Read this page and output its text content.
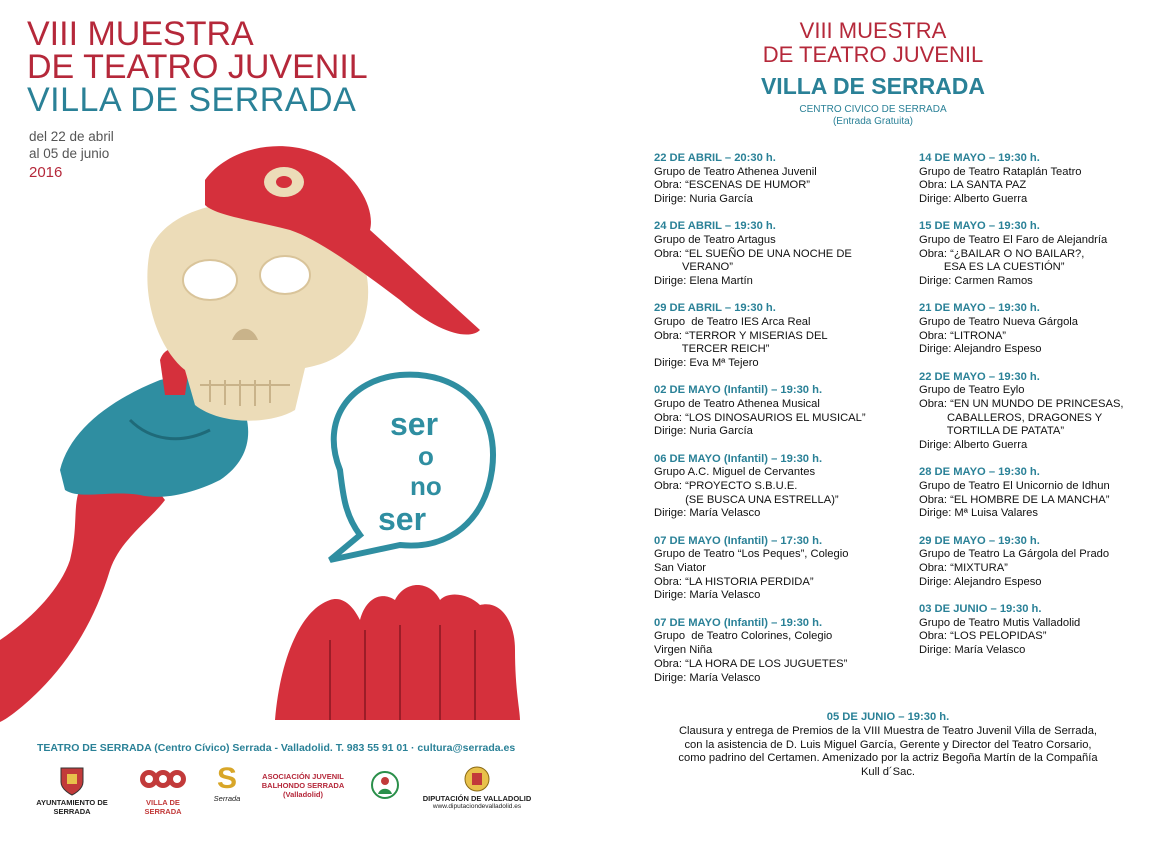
VIII MUESTRA
DE TEATRO JUVENIL
VILLA DE SERRADA
del 22 de abril
al 05 de junio
2016
ser
o
no
ser
TEATRO DE SERRADA (Centro Cívico) Serrada - Valladolid. T. 983 55 91 01 · cultura@serrada.es
AYUNTAMIENTO DE SERRADA
VILLA DE SERRADA
S
Serrada
ASOCIACIÓN JUVENIL BALHONDO SERRADA (Valladolid)	DIPUTACIÓN DE VALLADOLID
www.diputaciondevalladolid.es
VIII MUESTRA
DE TEATRO JUVENIL
VILLA DE SERRADA
CENTRO CIVICO DE SERRADA
(Entrada Gratuita)
22 DE ABRIL – 20:30 h.
Grupo de Teatro Athenea Juvenil
Obra: “ESCENAS DE HUMOR”
Dirige: Nuria García
24 DE ABRIL – 19:30 h.
Grupo de Teatro Artagus
Obra: “EL SUEÑO DE UNA NOCHE DE
VERANO”
Dirige: Elena Martín
29 DE ABRIL – 19:30 h.
Grupo  de Teatro IES Arca Real
Obra: “TERROR Y MISERIAS DEL
TERCER REICH”
Dirige: Eva Mª Tejero
02 DE MAYO (Infantil) – 19:30 h.
Grupo de Teatro Athenea Musical
Obra: “LOS DINOSAURIOS EL MUSICAL”
Dirige: Nuria García
06 DE MAYO (Infantil) – 19:30 h.
Grupo A.C. Miguel de Cervantes
Obra: “PROYECTO S.B.U.E.
(SE BUSCA UNA ESTRELLA)”
Dirige: María Velasco
07 DE MAYO (Infantil) – 17:30 h.
Grupo de Teatro “Los Peques”, Colegio
San Viator
Obra: “LA HISTORIA PERDIDA”
Dirige: María Velasco
07 DE MAYO (Infantil) – 19:30 h.
Grupo  de Teatro Colorines, Colegio
Virgen Niña
Obra: “LA HORA DE LOS JUGUETES”
Dirige: María Velasco
14 DE MAYO – 19:30 h.
Grupo de Teatro Rataplán Teatro
Obra: LA SANTA PAZ
Dirige: Alberto Guerra
15 DE MAYO – 19:30 h.
Grupo de Teatro El Faro de Alejandría
Obra: “¿BAILAR O NO BAILAR?,
ESA ES LA CUESTIÓN”
Dirige: Carmen Ramos
21 DE MAYO – 19:30 h.
Grupo de Teatro Nueva Gárgola
Obra: “LITRONA”
Dirige: Alejandro Espeso
22 DE MAYO – 19:30 h.
Grupo de Teatro Eylo
Obra: “EN UN MUNDO DE PRINCESAS,
CABALLEROS, DRAGONES Y
TORTILLA DE PATATA”
Dirige: Alberto Guerra
28 DE MAYO – 19:30 h.
Grupo de Teatro El Unicornio de Idhun
Obra: “EL HOMBRE DE LA MANCHA”
Dirige: Mª Luisa Valares
29 DE MAYO – 19:30 h.
Grupo de Teatro La Gárgola del Prado
Obra: “MIXTURA”
Dirige: Alejandro Espeso
03 DE JUNIO – 19:30 h.
Grupo de Teatro Mutis Valladolid
Obra: “LOS PELOPIDAS”
Dirige: María Velasco
05 DE JUNIO – 19:30 h.
Clausura y entrega de Premios de la VIII Muestra de Teatro Juvenil Villa de Serrada,
con la asistencia de D. Luis Miguel García, Gerente y Director del Teatro Corsario,
como padrino del Certamen. Amenizado por la actriz Begoña Martín de la Compañía
Kull d´Sac.
